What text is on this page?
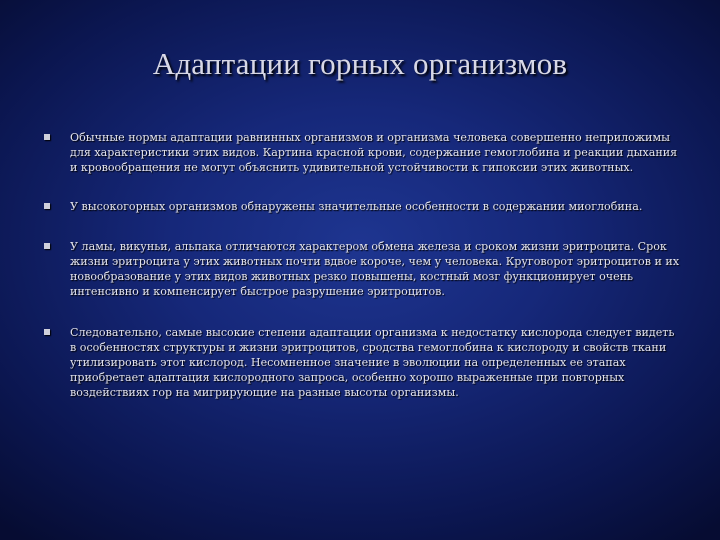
Адаптации горных организмов
Обычные нормы адаптации равнинных организмов и организма человека совершенно неприложимы для характеристики этих видов. Картина красной крови, содержание гемоглобина и реакции дыхания и кровообращения не могут объяснить удивительной устойчивости к гипоксии этих животных.
У высокогорных организмов обнаружены значительные особенности в содержании миоглобина.
У ламы, викуньи, альпака отличаются характером обмена железа и сроком жизни эритроцита. Срок жизни эритроцита у этих животных почти вдвое короче, чем у человека. Круговорот эритроцитов и их новообразование у этих видов животных резко повышены, костный мозг функционирует очень интенсивно и компенсирует быстрое разрушение эритроцитов.
Следовательно, самые высокие степени адаптации организма к недостатку кислорода следует видеть в особенностях структуры и жизни эритроцитов, сродства гемоглобина к кислороду и свойств ткани утилизировать этот кислород. Несомненное значение в эволюции на определенных ее этапах приобретает адаптация кислородного запроса, особенно хорошо выраженные при повторных воздействиях гор на мигрирующие на разные высоты организмы.
